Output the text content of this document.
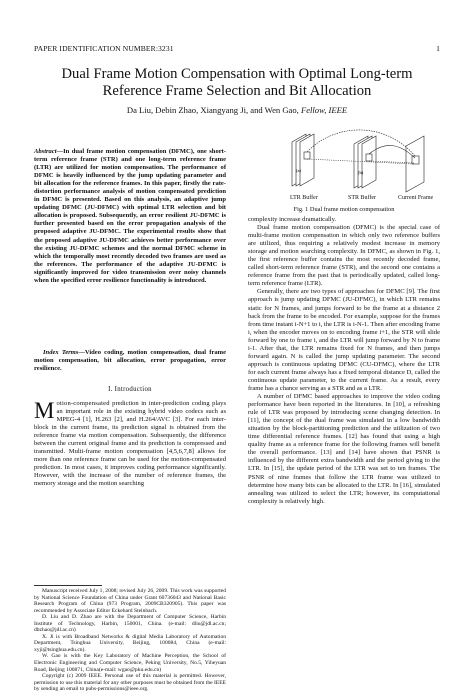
PAPER IDENTIFICATION NUMBER:3231	1
Dual Frame Motion Compensation with Optimal Long-term Reference Frame Selection and Bit Allocation
Da Liu, Debin Zhao, Xiangyang Ji, and Wen Gao, Fellow, IEEE

Abstract—In dual frame motion compensation (DFMC), one short-term reference frame (STR) and one long-term reference frame (LTR) are utilized for motion compensation. The performance of DFMC is heavily influenced by the jump updating parameter and bit allocation for the reference frames. In this paper, firstly the rate-distortion performance analysis of motion compensated prediction in DFMC is presented. Based on this analysis, an adaptive jump updating DFMC (JU-DFMC) with optimal LTR selection and bit allocation is proposed. Subsequently, an error resilient JU-DFMC is further presented based on the error propagation analysis of the proposed adaptive JU-DFMC. The experimental results show that the proposed adaptive JU-DFMC achieves better performance over the existing JU-DFMC schemes and the normal DFMC scheme in which the temporally most recently decoded two frames are used as the references. The performance of the adaptive JU-DFMC is significantly improved for video transmission over noisy channels when the specified error resilience functionality is introduced.

Index Terms—Video coding, motion compensation, dual frame motion compensation, bit allocation, error propagation, error resilience.

I. Introduction

Motion-compensated prediction in inter-prediction coding plays an important role in the existing hybrid video codecs such as MPEG-4 [1], H.263 [2], and H.264/AVC [3]. For each inter-block in the current frame, its prediction signal is obtained from the reference frame via motion compensation. Subsequently, the difference between the current original frame and its prediction is compressed and transmitted. Multi-frame motion compensation [4,5,6,7,8] allows for more than one reference frame can be used for the motion-compensated prediction. In most cases, it improves coding performance significantly. However, with the increase of the number of reference frames, the memory storage and the motion searching

Manuscript received July 1, 2008; revised July 26, 2009. This work was supported by National Science Foundation of China under Grant 60736043 and National Basic Research Program of China (973 Program, 2009CB320905). This paper was recommended by Associate Editor Eckehard Steinbach.

D. Liu and D. Zhao are with the Department of Computer Science, Harbin Institute of Technology, Harbin, 150001, China. (e-mail: dliu@jdl.ac.cn; dbzhao@jdl.ac.cn)

X. Ji is with Broadband Networks & digital Media Laboratory of Automation Department, Tsinghua University, Beijing, 100084, China (e-mail: xyji@tsinghua.edu.cn).

W. Gao is with the Key Laboratory of Machine Perception, the School of Electronic Engineering and Computer Science, Peking University, No.5, Yiheyuan Road, Beijing 100871, China(e-mail: wgao@pku.edu.cn)

Copyright (c) 2009 IEEE. Personal use of this material is permitted. However, permission to use this material for any other purposes must be obtained from the IEEE by sending an email to pubs-permissions@ieee.org.

(a)	(b)
LTR Buffer	STR Buffer	Current Frame
Fig. 1 Dual frame motion compensation

complexity increase dramatically.

Dual frame motion compensation (DFMC) is the special case of multi-frame motion compensation in which only two reference buffers are utilized, thus requiring a relatively modest increase in memory storage and motion searching complexity. In DFMC, as shown in Fig. 1, the first reference buffer contains the most recently decoded frame, called short-term reference frame (STR), and the second one contains a reference frame from the past that is periodically updated, called long-term reference frame (LTR).

Generally, there are two types of approaches for DFMC [9]. The first approach is jump updating DFMC (JU-DFMC), in which LTR remains static for N frames, and jumps forward to be the frame at a distance 2 back from the frame to be encoded. For example, suppose for the frames from time instant i-N+1 to i, the LTR is i-N-1. Then after encoding frame i, when the encoder moves on to encoding frame i+1, the STR will slide forward by one to frame i, and the LTR will jump forward by N to frame i-1. After that, the LTR remains fixed for N frames, and then jumps forward again. N is called the jump updating parameter. The second approach is continuous updating DFMC (CU-DFMC), where the LTR for each current frame always has a fixed temporal distance D, called the continuous update parameter, to the current frame. As a result, every frame has a chance serving as a STR and as a LTR.

A number of DFMC based approaches to improve the video coding performance have been reported in the literatures. In [10], a refreshing rule of LTR was proposed by introducing scene changing detection. In [11], the concept of the dual frame was simulated in a low bandwidth situation by the block-partitioning prediction and the utilization of two time differential reference frames. [12] has found that using a high quality frame as a reference frame for the following frames will benefit the overall performance. [13] and [14] have shown that PSNR is influenced by the different extra bandwidth and the period giving to the LTR. In [15], the update period of the LTR was set to ten frames. The PSNR of nine frames that follow the LTR frame was utilized to determine how many bits can be allocated to the LTR. In [16], simulated annealing was utilized to select the LTR; however, its computational complexity is relatively high.
